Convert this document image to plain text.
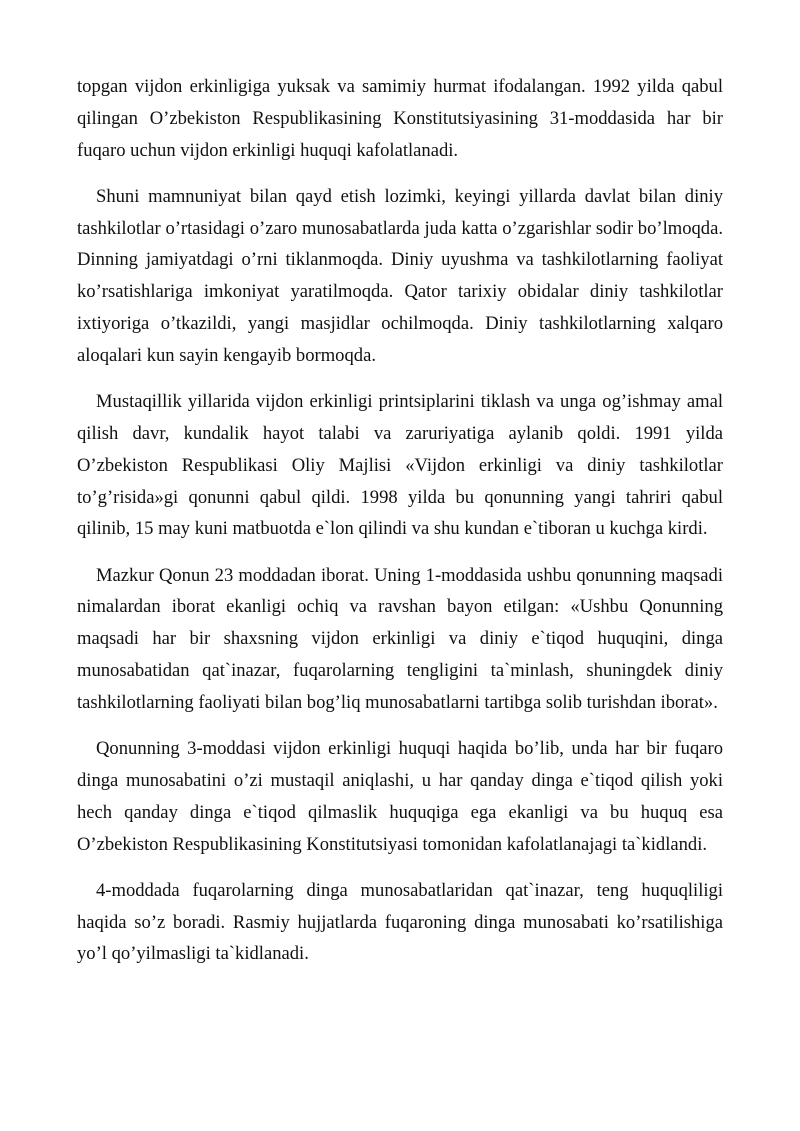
topgan vijdon erkinligiga yuksak va samimiy hurmat ifodalangan. 1992 yilda qabul qilingan O’zbekiston Respublikasining Konstitutsiyasining 31-moddasida har bir fuqaro uchun vijdon erkinligi huquqi kafolatlanadi.

Shuni mamnuniyat bilan qayd etish lozimki, keyingi yillarda davlat bilan diniy tashkilotlar o’rtasidagi o’zaro munosabatlarda juda katta o’zgarishlar sodir bo’lmoqda. Dinning jamiyatdagi o’rni tiklanmoqda. Diniy uyushma va tashkilotlarning faoliyat ko’rsatishlariga imkoniyat yaratilmoqda. Qator tarixiy obidalar diniy tashkilotlar ixtiyoriga o’tkazildi, yangi masjidlar ochilmoqda. Diniy tashkilotlarning xalqaro aloqalari kun sayin kengayib bormoqda.

Mustaqillik yillarida vijdon erkinligi printsiplarini tiklash va unga og’ishmay amal qilish davr, kundalik hayot talabi va zaruriyatiga aylanib qoldi. 1991 yilda O’zbekiston Respublikasi Oliy Majlisi «Vijdon erkinligi va diniy tashkilotlar to’g’risida»gi qonunni qabul qildi. 1998 yilda bu qonunning yangi tahriri qabul qilinib, 15 may kuni matbuotda e`lon qilindi va shu kundan e`tiboran u kuchga kirdi.

Mazkur Qonun 23 moddadan iborat. Uning 1-moddasida ushbu qonunning maqsadi nimalardan iborat ekanligi ochiq va ravshan bayon etilgan: «Ushbu Qonunning maqsadi har bir shaxsning vijdon erkinligi va diniy e`tiqod huquqini, dinga munosabatidan qat`inazar, fuqarolarning tengligini ta`minlash, shuningdek diniy tashkilotlarning faoliyati bilan bog’liq munosabatlarni tartibga solib turishdan iborat».

Qonunning 3-moddasi vijdon erkinligi huquqi haqida bo’lib, unda har bir fuqaro dinga munosabatini o’zi mustaqil aniqlashi, u har qanday dinga e`tiqod qilish yoki hech qanday dinga e`tiqod qilmaslik huquqiga ega ekanligi va bu huquq esa O’zbekiston Respublikasining Konstitutsiyasi tomonidan kafolatlanajagi ta`kidlandi.

4-moddada fuqarolarning dinga munosabatlaridan qat`inazar, teng huquqliligi haqida so’z boradi. Rasmiy hujjatlarda fuqaroning dinga munosabati ko’rsatilishiga yo’l qo’yilmasligi ta`kidlanadi.
